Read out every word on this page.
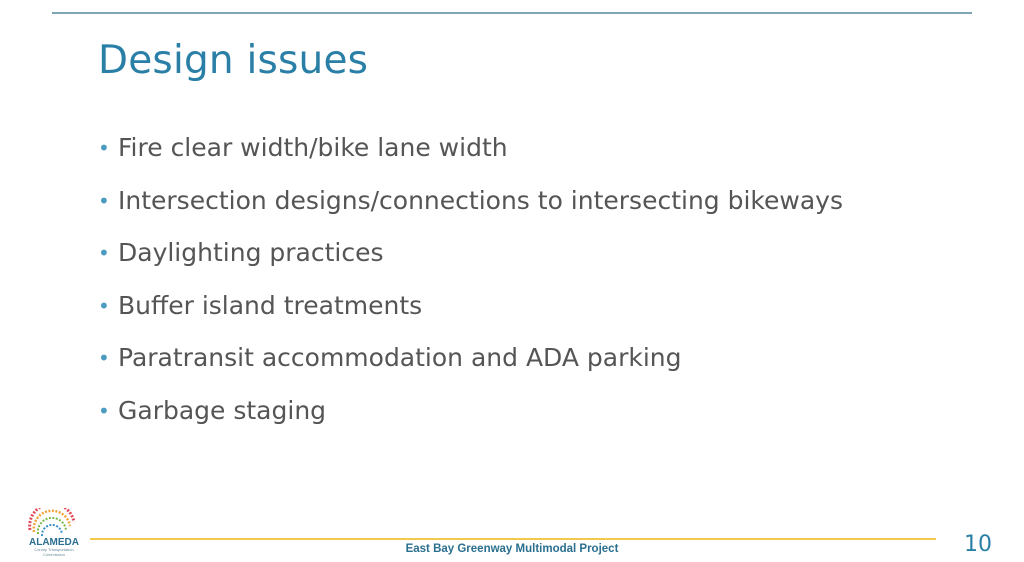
Design issues
• Fire clear width/bike lane width
• Intersection designs/connections to intersecting bikeways
• Daylighting practices
• Buffer island treatments
• Paratransit accommodation and ADA parking
• Garbage staging
ALAMEDA
County Transportation
Commission	East Bay Greenway Multimodal Project	10
